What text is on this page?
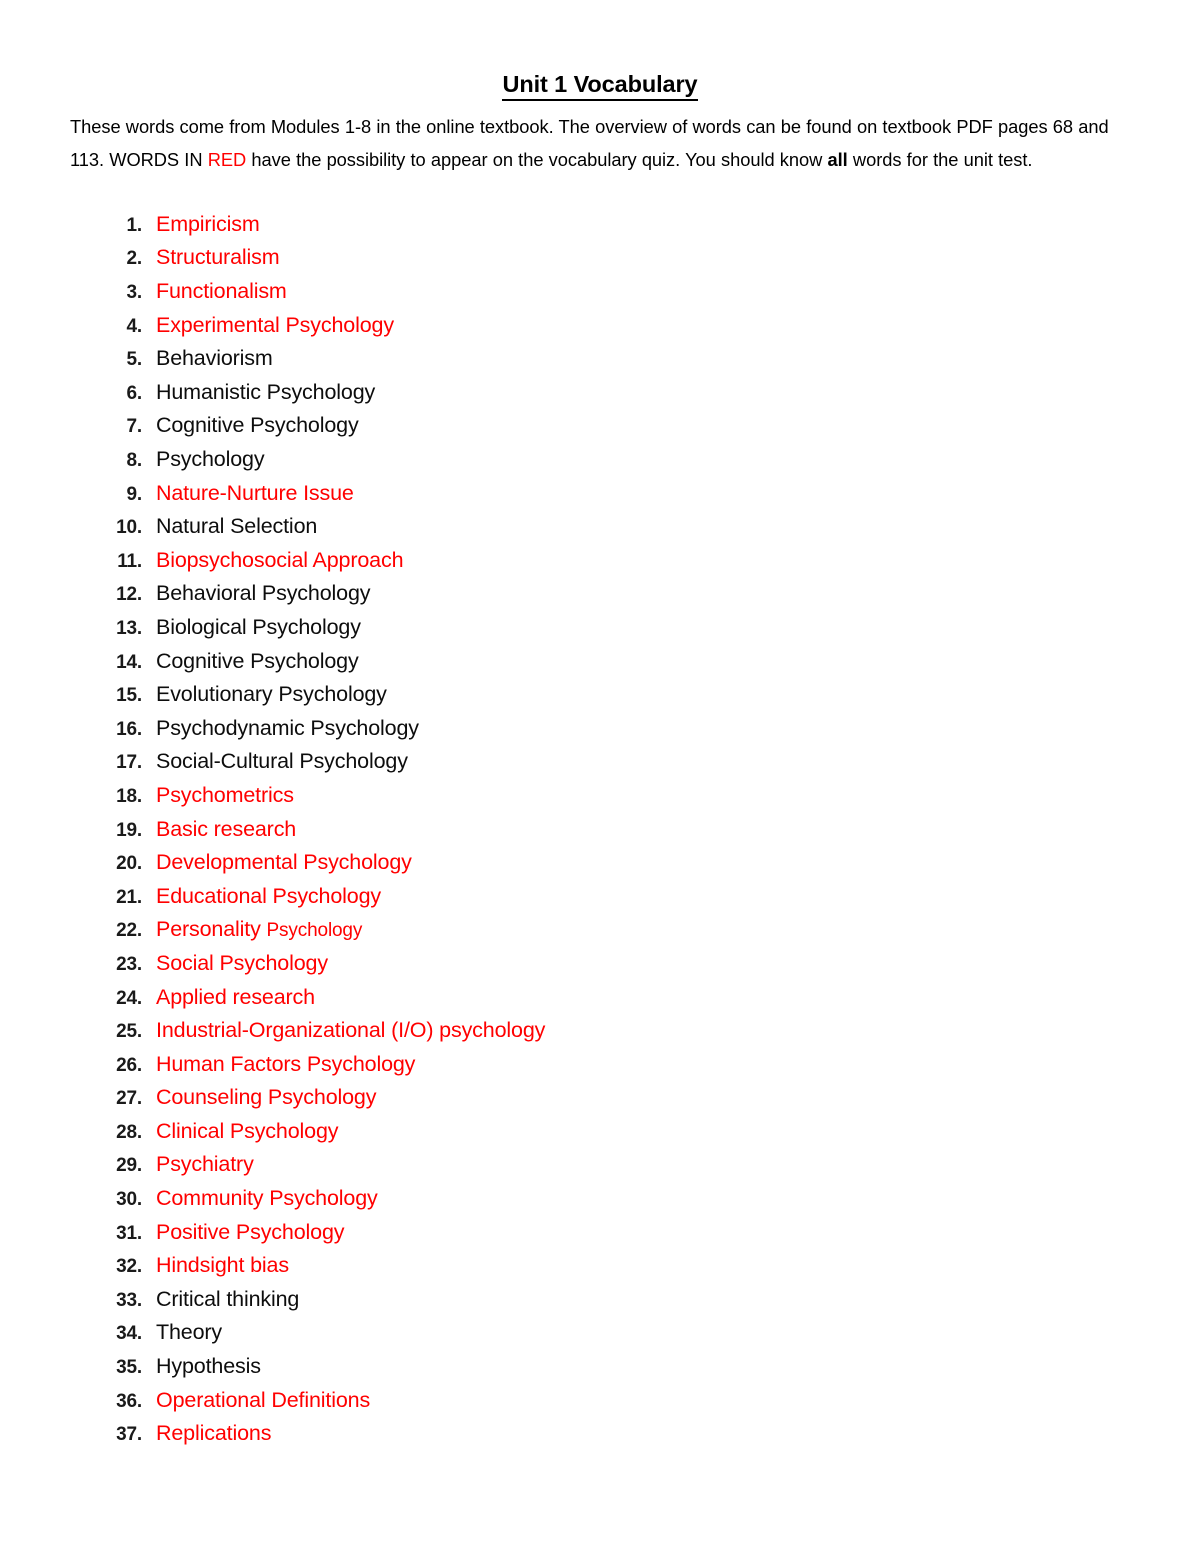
Unit 1 Vocabulary

These words come from Modules 1-8 in the online textbook. The overview of words can be found on textbook PDF pages 68 and 113. WORDS IN RED have the possibility to appear on the vocabulary quiz. You should know all words for the unit test.

1. Empiricism
2. Structuralism
3. Functionalism
4. Experimental Psychology
5. Behaviorism
6. Humanistic Psychology
7. Cognitive Psychology
8. Psychology
9. Nature-Nurture Issue
10. Natural Selection
11. Biopsychosocial Approach
12. Behavioral Psychology
13. Biological Psychology
14. Cognitive Psychology
15. Evolutionary Psychology
16. Psychodynamic Psychology
17. Social-Cultural Psychology
18. Psychometrics
19. Basic research
20. Developmental Psychology
21. Educational Psychology
22. Personality Psychology
23. Social Psychology
24. Applied research
25. Industrial-Organizational (I/O) psychology
26. Human Factors Psychology
27. Counseling Psychology
28. Clinical Psychology
29. Psychiatry
30. Community Psychology
31. Positive Psychology
32. Hindsight bias
33. Critical thinking
34. Theory
35. Hypothesis
36. Operational Definitions
37. Replications
